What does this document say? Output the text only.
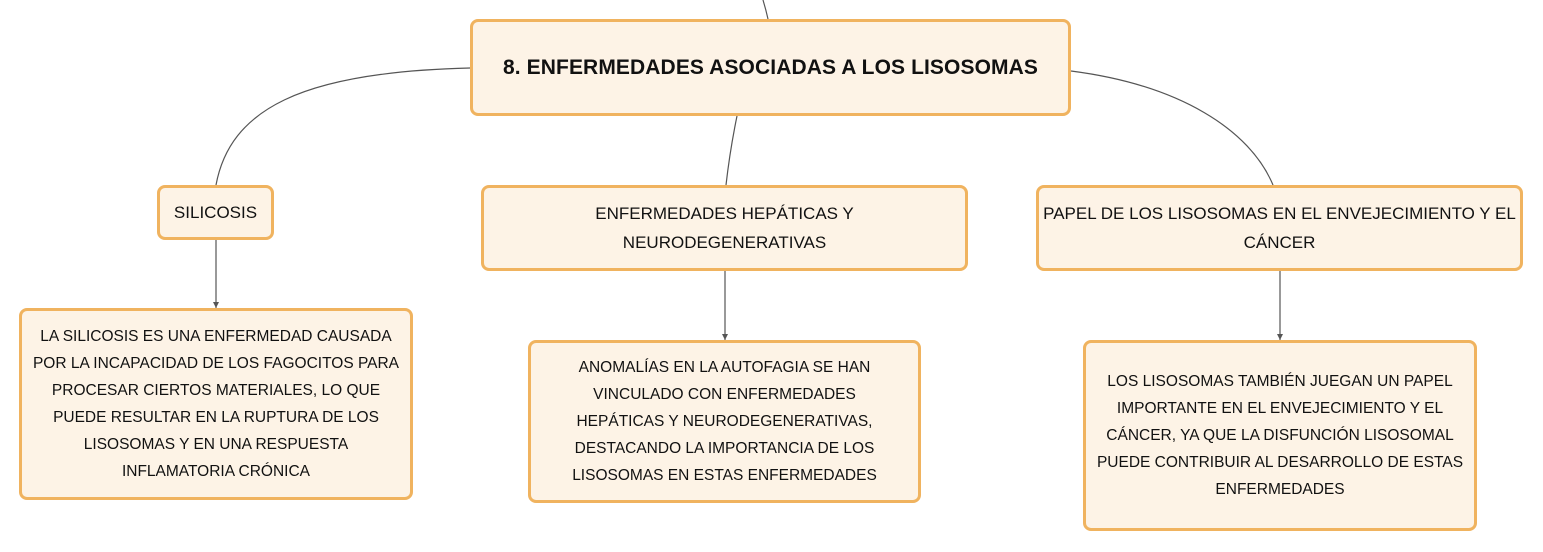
8. ENFERMEDADES ASOCIADAS A LOS LISOSOMAS
SILICOSIS	ENFERMEDADES HEPÁTICAS Y NEURODEGENERATIVAS
PAPEL DE LOS LISOSOMAS EN EL ENVEJECIMIENTO Y EL CÁNCER
LA SILICOSIS ES UNA ENFERMEDAD CAUSADA POR LA INCAPACIDAD DE LOS FAGOCITOS PARA PROCESAR CIERTOS MATERIALES, LO QUE PUEDE RESULTAR EN LA RUPTURA DE LOS LISOSOMAS Y EN UNA RESPUESTA INFLAMATORIA CRÓNICA
ANOMALÍAS EN LA AUTOFAGIA SE HAN VINCULADO CON ENFERMEDADES HEPÁTICAS Y NEURODEGENERATIVAS, DESTACANDO LA IMPORTANCIA DE LOS LISOSOMAS EN ESTAS ENFERMEDADES
LOS LISOSOMAS TAMBIÉN JUEGAN UN PAPEL IMPORTANTE EN EL ENVEJECIMIENTO Y EL CÁNCER, YA QUE LA DISFUNCIÓN LISOSOMAL PUEDE CONTRIBUIR AL DESARROLLO DE ESTAS ENFERMEDADES
